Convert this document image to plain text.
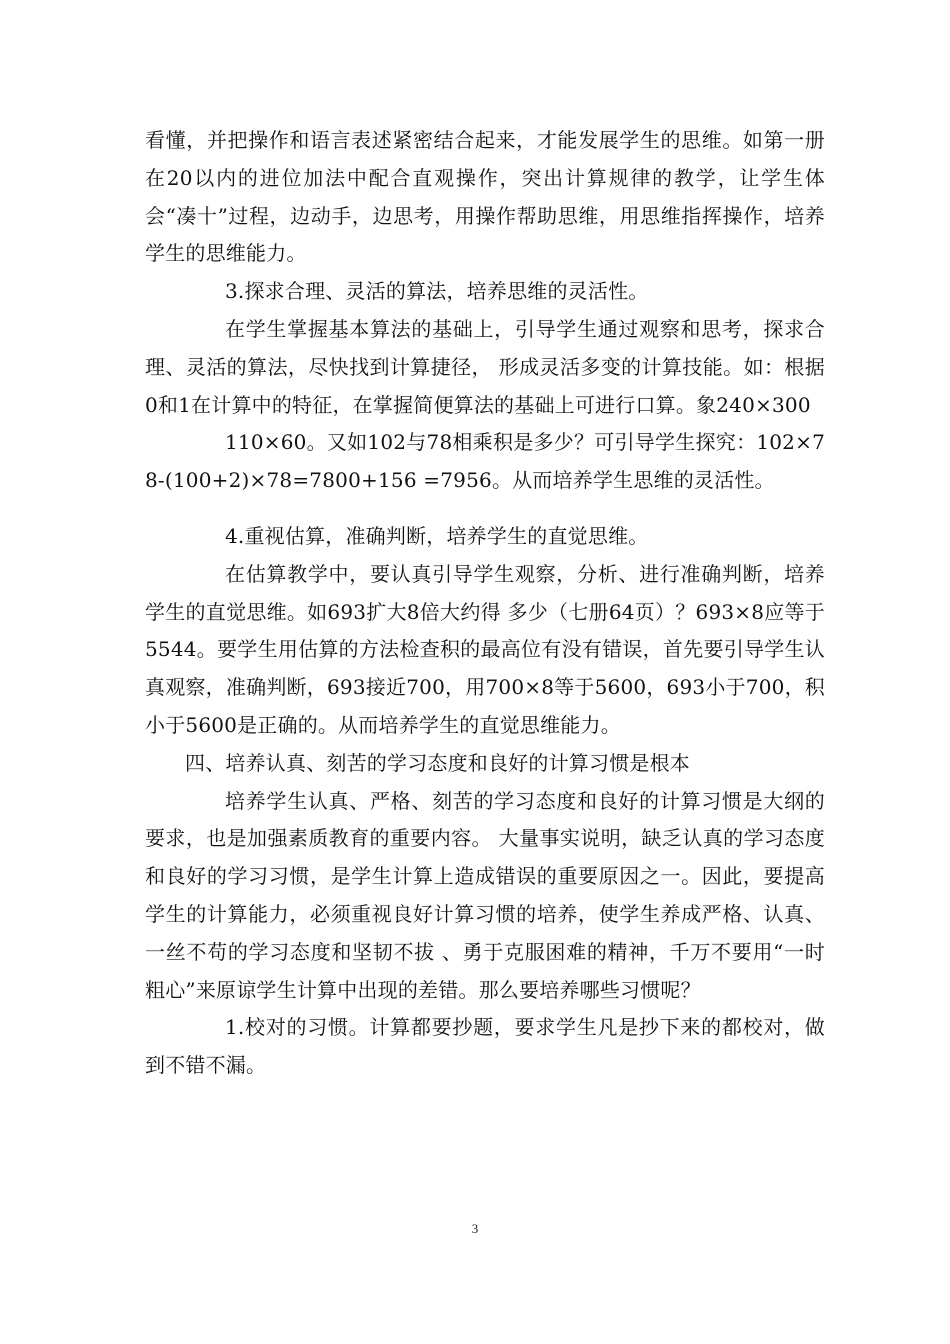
看懂，并把操作和语言表述紧密结合起来，才能发展学生的思维。如第一册在20以内的进位加法中配合直观操作，突出计算规律的教学，让学生体会“凑十”过程，边动手，边思考，用操作帮助思维，用思维指挥操作，培养学生的思维能力。

3.探求合理、灵活的算法，培养思维的灵活性。

在学生掌握基本算法的基础上，引导学生通过观察和思考，探求合理、灵活的算法，尽快找到计算捷径， 形成灵活多变的计算技能。如：根据0和1在计算中的特征，在掌握简便算法的基础上可进行口算。象240×300

110×60。又如102与78相乘积是多少？可引导学生探究：102×78-(100+2)×78=7800+156 =7956。从而培养学生思维的灵活性。

4.重视估算，准确判断，培养学生的直觉思维。

在估算教学中，要认真引导学生观察，分析、进行准确判断，培养学生的直觉思维。如693扩大8倍大约得 多少（七册64页）？693×8应等于5544。要学生用估算的方法检查积的最高位有没有错误，首先要引导学生认真观察，准确判断，693接近700，用700×8等于5600，693小于700，积小于5600是正确的。从而培养学生的直觉思维能力。

四、培养认真、刻苦的学习态度和良好的计算习惯是根本

培养学生认真、严格、刻苦的学习态度和良好的计算习惯是大纲的要求，也是加强素质教育的重要内容。 大量事实说明，缺乏认真的学习态度和良好的学习习惯，是学生计算上造成错误的重要原因之一。因此，要提高学生的计算能力，必须重视良好计算习惯的培养，使学生养成严格、认真、一丝不苟的学习态度和坚韧不拔 、勇于克服困难的精神，千万不要用“一时粗心”来原谅学生计算中出现的差错。那么要培养哪些习惯呢？

1.校对的习惯。计算都要抄题，要求学生凡是抄下来的都校对，做到不错不漏。

3
